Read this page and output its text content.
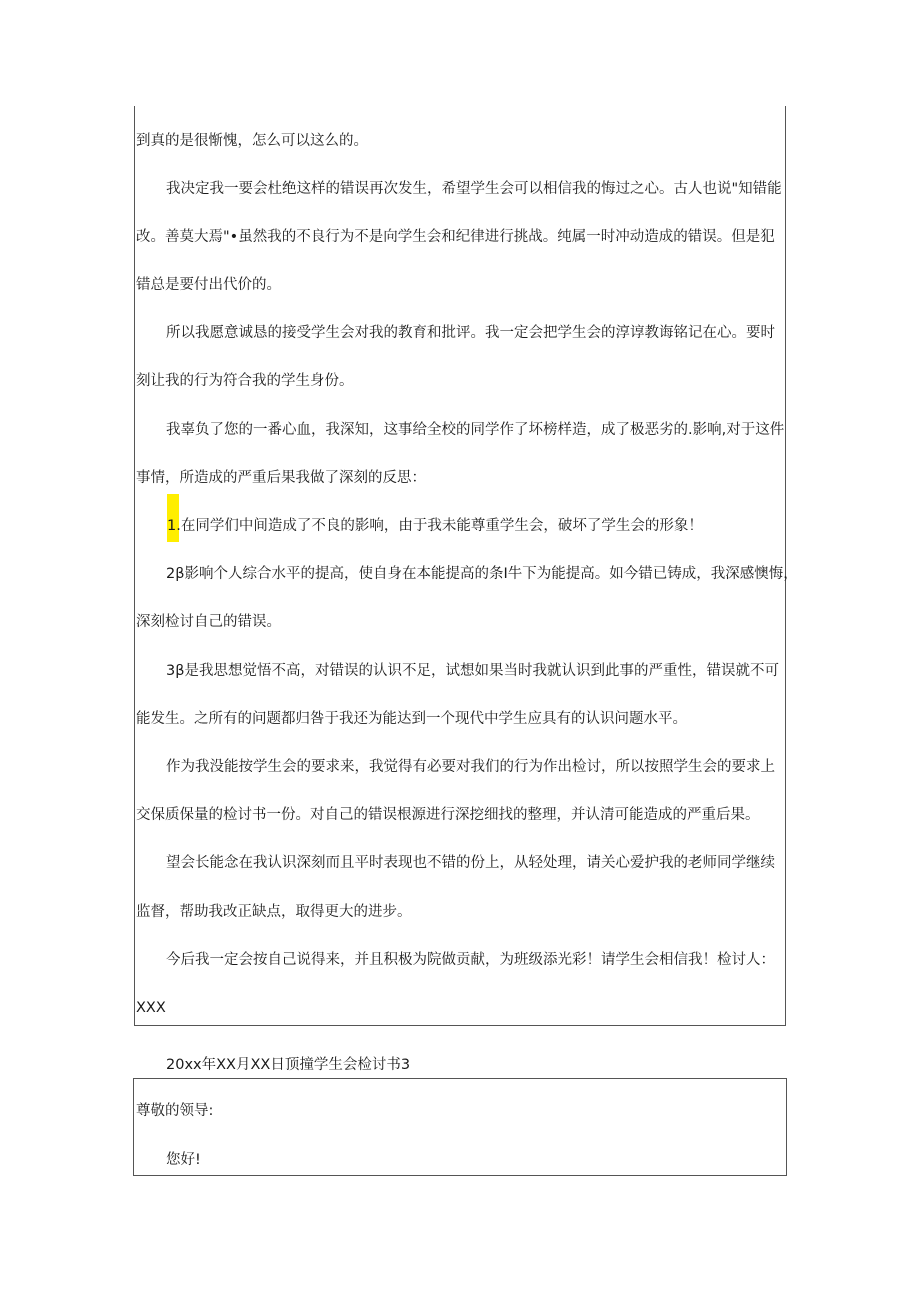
到真的是很惭愧，怎么可以这么的。
我决定我一要会杜绝这样的错误再次发生，希望学生会可以相信我的悔过之心。古人也说"知错能
改。善莫大焉"•虽然我的不良行为不是向学生会和纪律进行挑战。纯属一时冲动造成的错误。但是犯
错总是要付出代价的。
所以我愿意诚恳的接受学生会对我的教育和批评。我一定会把学生会的淳谆教诲铭记在心。要时
刻让我的行为符合我的学生身份。
我辜负了您的一番心血，我深知，这事给全校的同学作了坏榜样造，成了极恶劣的.影响,对于这件
事情，所造成的严重后果我做了深刻的反思：
1.在同学们中间造成了不良的影响，由于我未能尊重学生会，破坏了学生会的形象！
2β影响个人综合水平的提高，使自身在本能提高的条I牛下为能提高。如今错已铸成，我深感懊悔，
深刻检讨自己的错误。
3β是我思想觉悟不高，对错误的认识不足，试想如果当时我就认识到此事的严重性，错误就不可
能发生。之所有的问题都归咎于我还为能达到一个现代中学生应具有的认识问题水平。
作为我没能按学生会的要求来，我觉得有必要对我们的行为作出检讨，所以按照学生会的要求上
交保质保量的检讨书一份。对自己的错误根源进行深挖细找的整理，并认清可能造成的严重后果。
望会长能念在我认识深刻而且平时表现也不错的份上，从轻处理，请关心爱护我的老师同学继续
监督，帮助我改正缺点，取得更大的进步。
今后我一定会按自己说得来，并且积极为院做贡献，为班级添光彩！请学生会相信我！检讨人：
XXX
20xx年XX月XX日顶撞学生会检讨书3
尊敬的领导:
您好!
